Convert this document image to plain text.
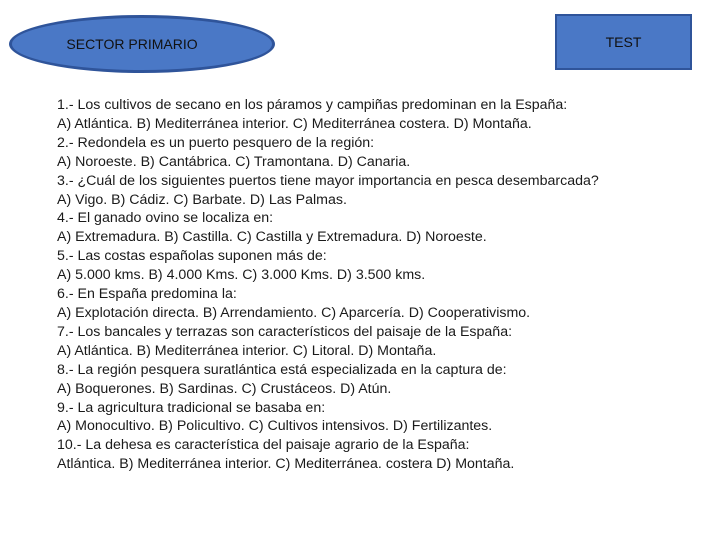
SECTOR PRIMARIO	TEST
1.- Los cultivos de secano en los páramos y campiñas predominan en la España:
A) Atlántica. B) Mediterránea interior. C) Mediterránea costera. D) Montaña.
2.- Redondela es un puerto pesquero de la región:
A) Noroeste. B) Cantábrica. C) Tramontana. D) Canaria.
3.- ¿Cuál de los siguientes puertos tiene mayor importancia en pesca desembarcada?
A) Vigo. B) Cádiz. C) Barbate. D) Las Palmas.
4.- El ganado ovino se localiza en:
A) Extremadura. B) Castilla. C) Castilla y Extremadura. D) Noroeste.
5.- Las costas españolas suponen más de:
A) 5.000 kms. B) 4.000 Kms. C) 3.000 Kms. D) 3.500 kms.
6.- En España predomina la:
A) Explotación directa. B) Arrendamiento. C) Aparcería. D) Cooperativismo.
7.- Los bancales y terrazas son característicos del paisaje de la España:
A) Atlántica. B) Mediterránea interior. C) Litoral. D) Montaña.
8.- La región pesquera suratlántica está especializada en la captura de:
A) Boquerones. B) Sardinas. C) Crustáceos. D) Atún.
9.- La agricultura tradicional se basaba en:
A) Monocultivo. B) Policultivo. C) Cultivos intensivos. D) Fertilizantes.
10.- La dehesa es característica del paisaje agrario de la España:
Atlántica. B) Mediterránea interior. C) Mediterránea. costera D) Montaña.
